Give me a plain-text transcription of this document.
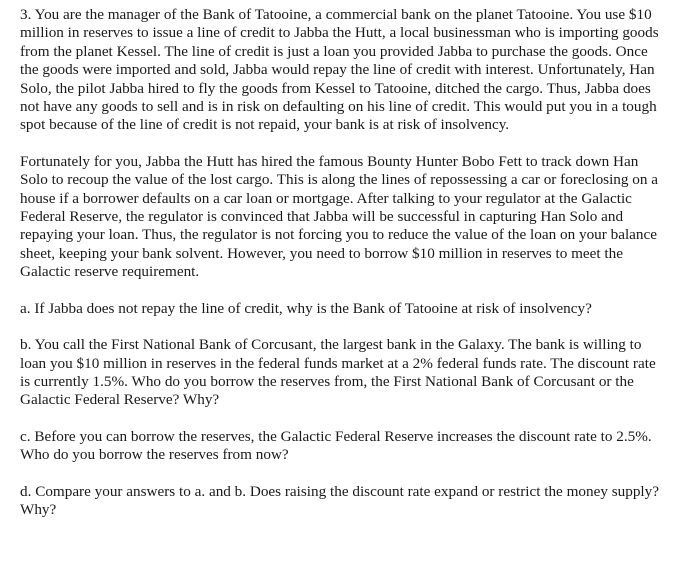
3. You are the manager of the Bank of Tatooine, a commercial bank on the planet Tatooine. You use $10 million in reserves to issue a line of credit to Jabba the Hutt, a local businessman who is importing goods from the planet Kessel. The line of credit is just a loan you provided Jabba to purchase the goods. Once the goods were imported and sold, Jabba would repay the line of credit with interest. Unfortunately, Han Solo, the pilot Jabba hired to fly the goods from Kessel to Tatooine, ditched the cargo. Thus, Jabba does not have any goods to sell and is in risk on defaulting on his line of credit. This would put you in a tough spot because of the line of credit is not repaid, your bank is at risk of insolvency.

Fortunately for you, Jabba the Hutt has hired the famous Bounty Hunter Bobo Fett to track down Han Solo to recoup the value of the lost cargo. This is along the lines of repossessing a car or foreclosing on a house if a borrower defaults on a car loan or mortgage. After talking to your regulator at the Galactic Federal Reserve, the regulator is convinced that Jabba will be successful in capturing Han Solo and repaying your loan. Thus, the regulator is not forcing you to reduce the value of the loan on your balance sheet, keeping your bank solvent. However, you need to borrow $10 million in reserves to meet the Galactic reserve requirement.

a. If Jabba does not repay the line of credit, why is the Bank of Tatooine at risk of insolvency?

b. You call the First National Bank of Corcusant, the largest bank in the Galaxy. The bank is willing to loan you $10 million in reserves in the federal funds market at a 2% federal funds rate. The discount rate is currently 1.5%. Who do you borrow the reserves from, the First National Bank of Corcusant or the Galactic Federal Reserve? Why?

c. Before you can borrow the reserves, the Galactic Federal Reserve increases the discount rate to 2.5%. Who do you borrow the reserves from now?

d. Compare your answers to a. and b. Does raising the discount rate expand or restrict the money supply? Why?
